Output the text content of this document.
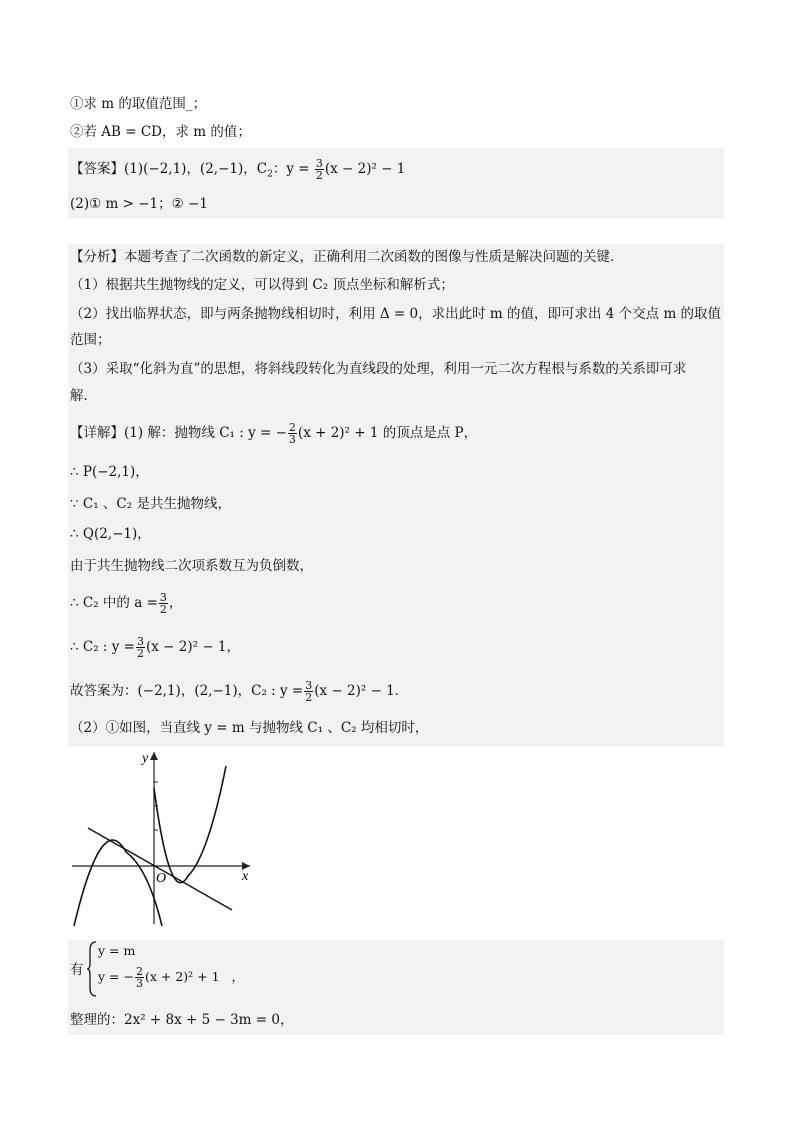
①求 m 的取值范围_；
②若 AB = CD，求 m 的值；
【答案】(1)(−2,1)，(2,−1)，$C_2$：$y = \frac{3}{2} (x - 2)^2 - 1$
(2)① m > −1；② −1
【分析】本题考查了二次函数的新定义，正确利用二次函数的图像与性质是解决问题的关键．
（1）根据共生抛物线的定义，可以得到 C₂ 顶点坐标和解析式；
（2）找出临界状态，即与两条抛物线相切时，利用 Δ = 0，求出此时 m 的值，即可求出 4 个交点 m 的取值
范围；
（3）采取“化斜为直”的思想，将斜线段转化为直线段的处理，利用一元二次方程根与系数的关系即可求
解．
【详解】(1) 解：抛物线 C₁ : y = − $\frac{2}{3} (x + 2)^2 + 1$ 的顶点是点 P，
∴ P(−2,1)，
∵ C₁ 、C₂ 是共生抛物线，
∴ Q(2,−1)，
由于共生抛物线二次项系数互为负倒数，
∴ C₂ 中的 $a = \frac{3}{2}$ ，
∴ C₂ : $y = \frac{3}{2} (x - 2)^2 - 1$，
故答案为：(−2,1)，(2,−1)，C₂ : $y = \frac{3}{2} (x - 2)^2 - 1$．
（2）①如图，当直线 y = m 与抛物线 C₁ 、C₂ 均相切时，
y
x
O
有
y = m
y = − $\frac{2}{3} (x + 2)^2 + 1$ ，
整理的：2x² + 8x + 5 − 3m = 0，
